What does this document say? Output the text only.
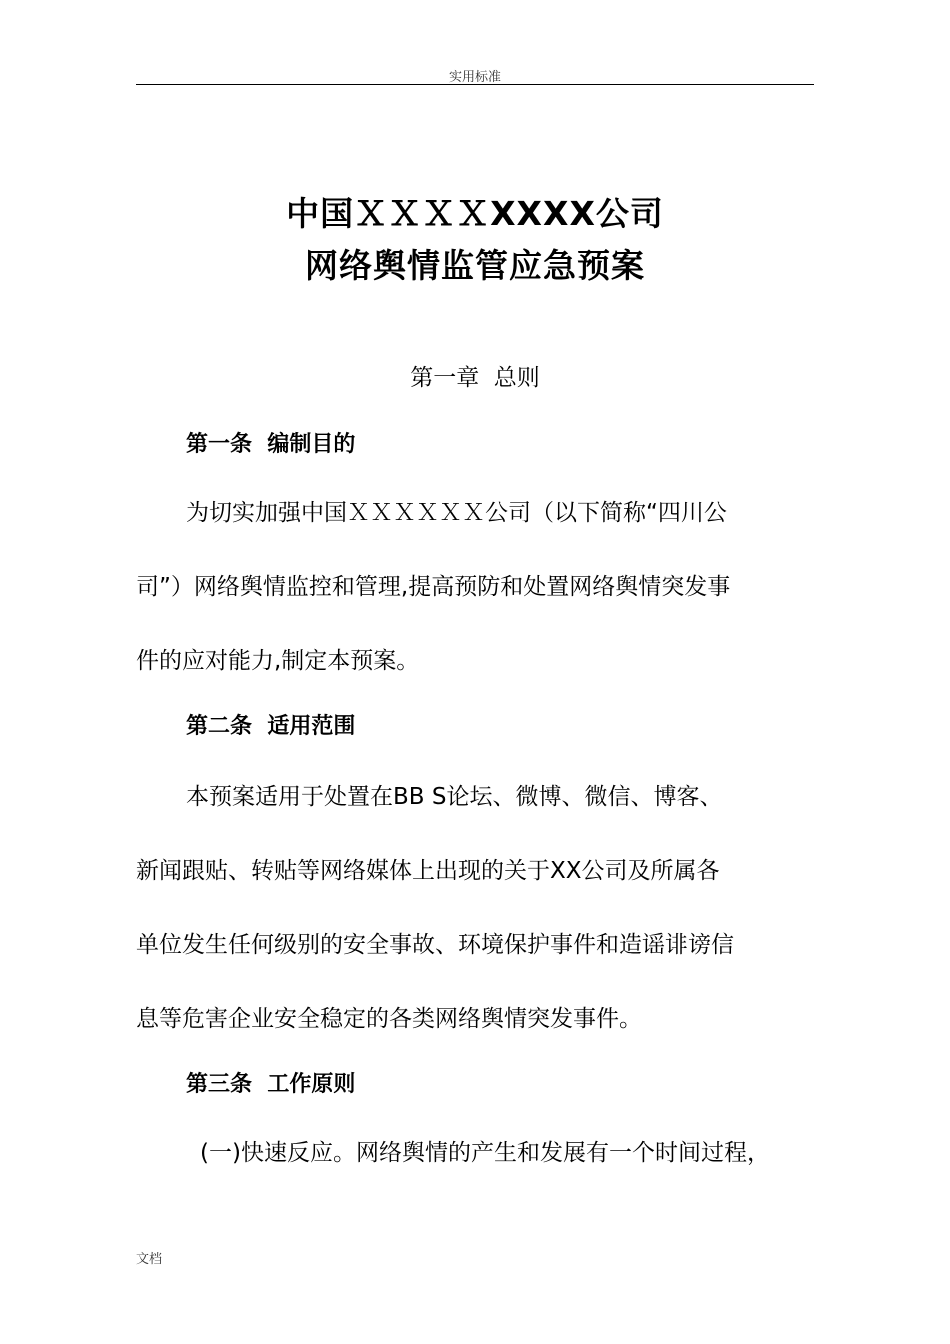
实用标准
中国ＸＸＸＸXXXX公司
网络舆情监管应急预案
第一章  总则
第一条  编制目的
为切实加强中国ＸＸＸＸＸＸ公司（以下简称“四川公
司”）网络舆情监控和管理,提高预防和处置网络舆情突发事
件的应对能力,制定本预案。
第二条  适用范围
本预案适用于处置在BB S论坛、微博、微信、博客、
新闻跟贴、转贴等网络媒体上出现的关于XX公司及所属各
单位发生任何级别的安全事故、环境保护事件和造谣诽谤信
息等危害企业安全稳定的各类网络舆情突发事件。
第三条  工作原则
(一)快速反应。网络舆情的产生和发展有一个时间过程，
文档
